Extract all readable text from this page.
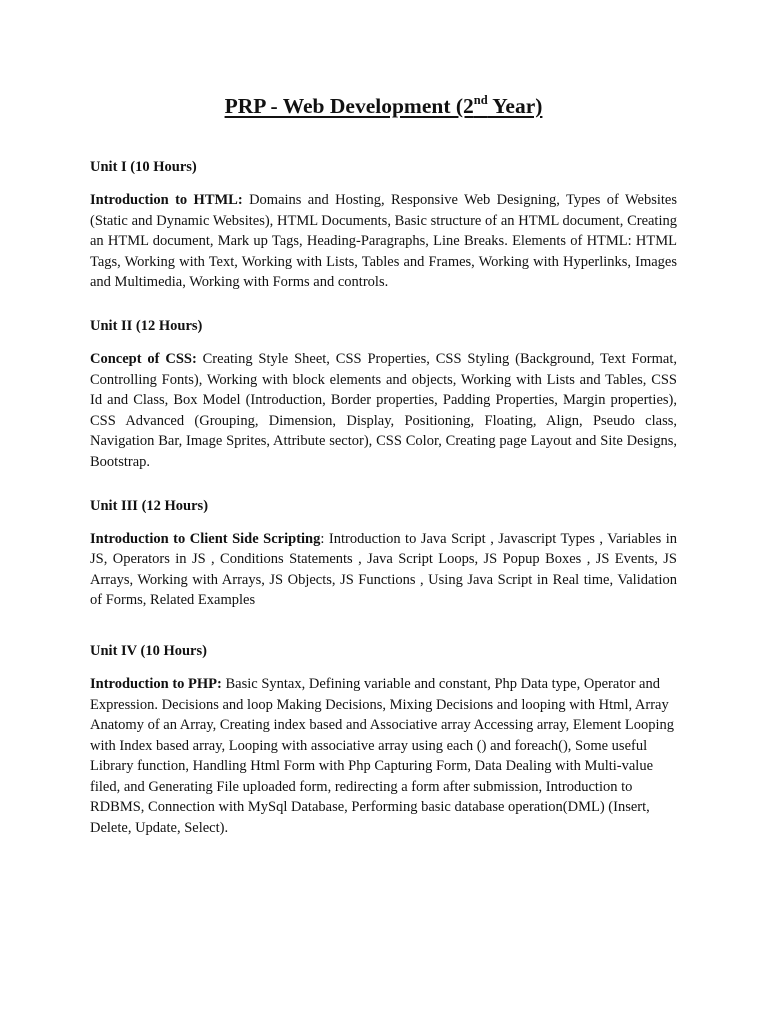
PRP - Web Development (2nd Year)

Unit I (10 Hours)

Introduction to HTML: Domains and Hosting, Responsive Web Designing, Types of Websites (Static and Dynamic Websites), HTML Documents, Basic structure of an HTML document, Creating an HTML document, Mark up Tags, Heading-Paragraphs, Line Breaks. Elements of HTML: HTML Tags, Working with Text, Working with Lists, Tables and Frames, Working with Hyperlinks, Images and Multimedia, Working with Forms and controls.

Unit II (12 Hours)

Concept of CSS: Creating Style Sheet, CSS Properties, CSS Styling (Background, Text Format, Controlling Fonts), Working with block elements and objects, Working with Lists and Tables, CSS Id and Class, Box Model (Introduction, Border properties, Padding Properties, Margin properties), CSS Advanced (Grouping, Dimension, Display, Positioning, Floating, Align, Pseudo class, Navigation Bar, Image Sprites, Attribute sector), CSS Color, Creating page Layout and Site Designs, Bootstrap.

Unit III (12 Hours)

Introduction to Client Side Scripting: Introduction to Java Script , Javascript Types , Variables in JS, Operators in JS , Conditions Statements , Java Script Loops, JS Popup Boxes , JS Events, JS Arrays, Working with Arrays, JS Objects, JS Functions , Using Java Script in Real time, Validation of Forms, Related Examples

Unit IV (10 Hours)

Introduction to PHP: Basic Syntax, Defining variable and constant, Php Data type, Operator and Expression. Decisions and loop Making Decisions, Mixing Decisions and looping with Html, Array Anatomy of an Array, Creating index based and Associative array Accessing array, Element Looping with Index based array, Looping with associative array using each () and foreach(), Some useful Library function, Handling Html Form with Php Capturing Form, Data Dealing with Multi-value filed, and Generating File uploaded form, redirecting a form after submission, Introduction to RDBMS, Connection with MySql Database, Performing basic database operation(DML) (Insert, Delete, Update, Select).
